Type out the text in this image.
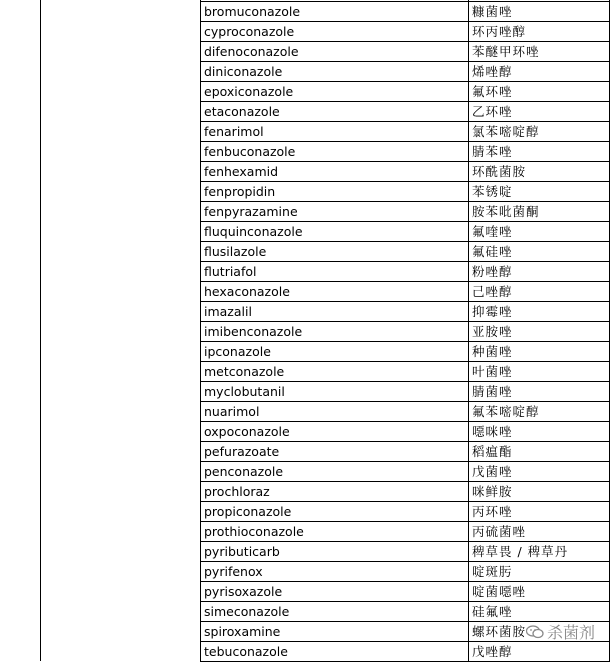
bromuconazole	糠菌唑
cyproconazole	环丙唑醇
difenoconazole	苯醚甲环唑
diniconazole	烯唑醇
epoxiconazole	氟环唑
etaconazole	乙环唑
fenarimol	氯苯嘧啶醇
fenbuconazole	腈苯唑
fenhexamid	环酰菌胺
fenpropidin	苯锈啶
fenpyrazamine	胺苯吡菌酮
fluquinconazole	氟喹唑
flusilazole	氟硅唑
flutriafol	粉唑醇
hexaconazole	己唑醇
imazalil	抑霉唑
imibenconazole	亚胺唑
ipconazole	种菌唑
metconazole	叶菌唑
myclobutanil	腈菌唑
nuarimol	氟苯嘧啶醇
oxpoconazole	噁咪唑
pefurazoate	稻瘟酯
penconazole	戊菌唑
prochloraz	咪鲜胺
propiconazole	丙环唑
prothioconazole	丙硫菌唑
pyributicarb	稗草畏 / 稗草丹
pyrifenox	啶斑肟
pyrisoxazole	啶菌噁唑
simeconazole	硅氟唑
spiroxamine	螺环菌胺
tebuconazole	戊唑醇
杀菌剂
